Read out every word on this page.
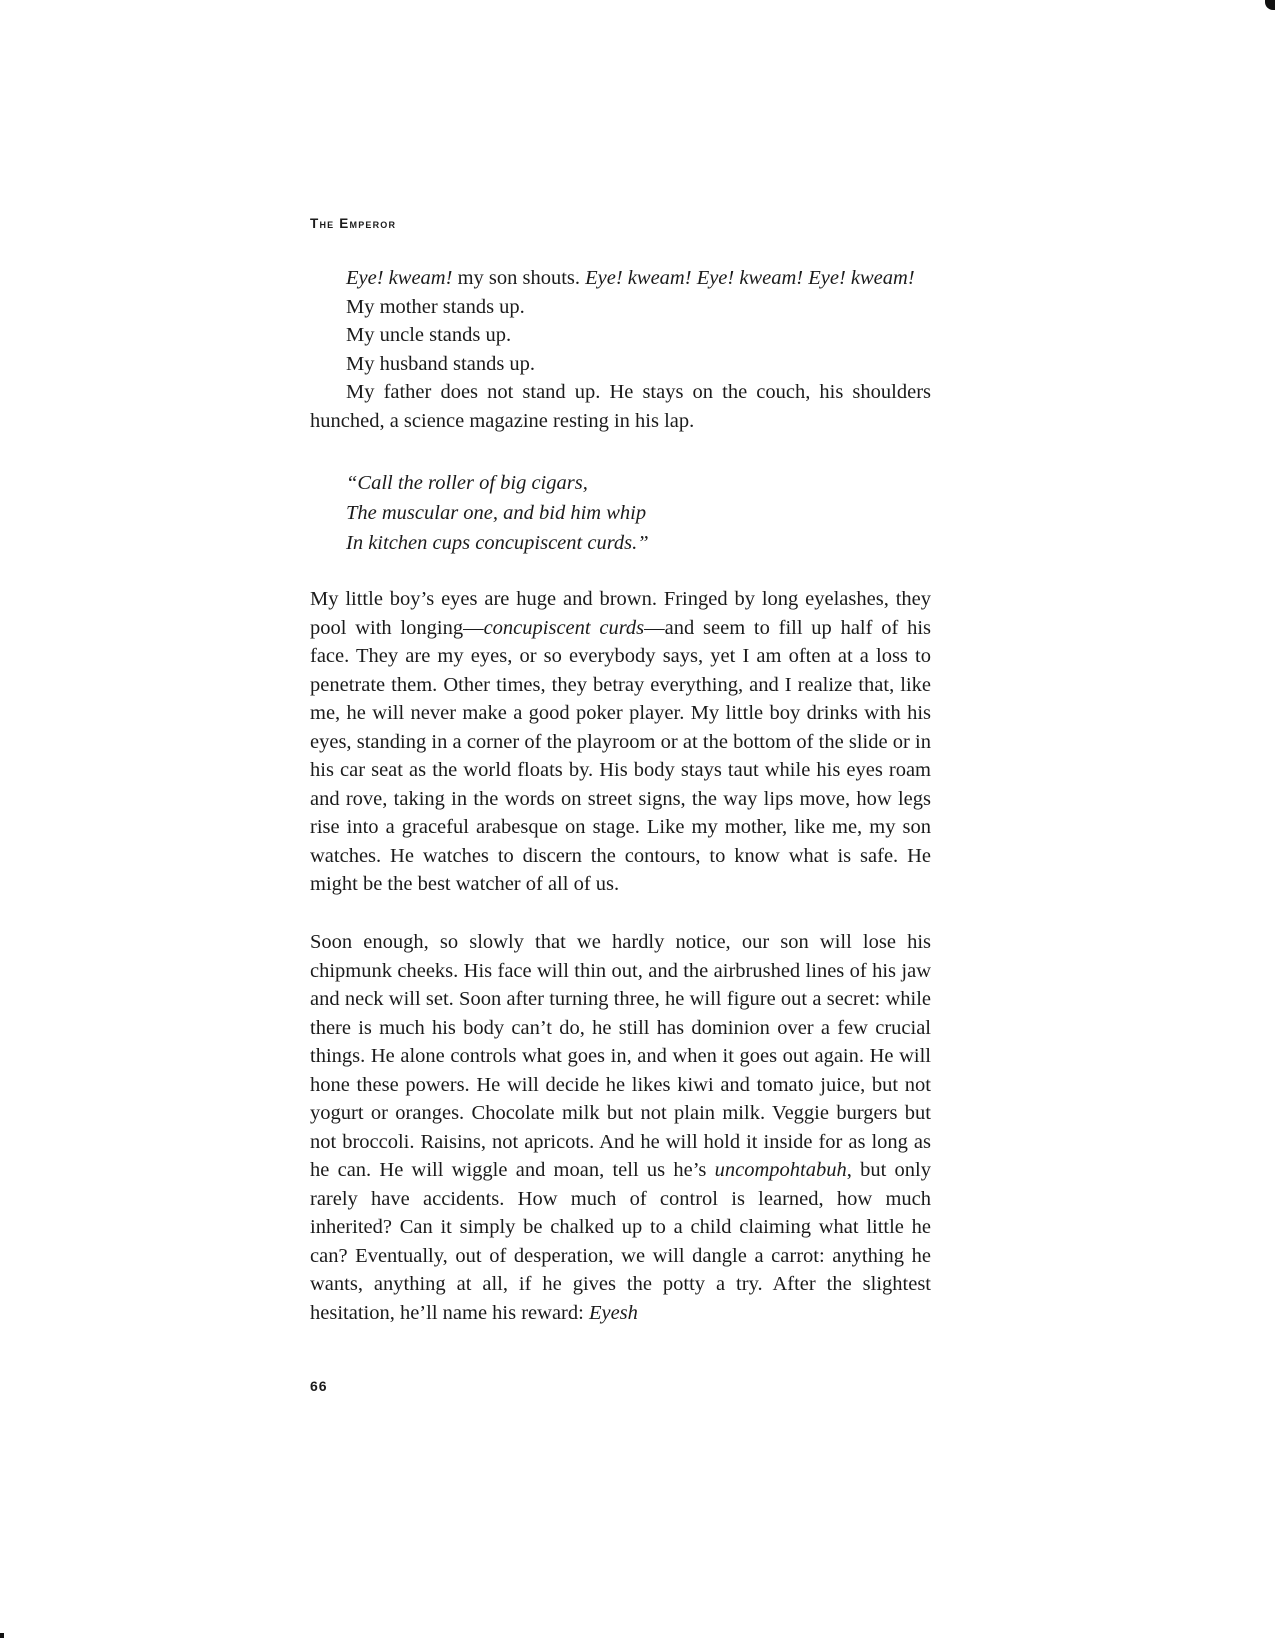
The Emperor

Eye! kweam! my son shouts. Eye! kweam! Eye! kweam! Eye! kweam!

My mother stands up.

My uncle stands up.

My husband stands up.

My father does not stand up. He stays on the couch, his shoulders hunched, a science magazine resting in his lap.

“Call the roller of big cigars,
The muscular one, and bid him whip
In kitchen cups concupiscent curds.”

My little boy’s eyes are huge and brown. Fringed by long eyelashes, they pool with longing—concupiscent curds—and seem to fill up half of his face. They are my eyes, or so everybody says, yet I am often at a loss to penetrate them. Other times, they betray everything, and I realize that, like me, he will never make a good poker player. My little boy drinks with his eyes, standing in a corner of the playroom or at the bottom of the slide or in his car seat as the world floats by. His body stays taut while his eyes roam and rove, taking in the words on street signs, the way lips move, how legs rise into a graceful arabesque on stage. Like my mother, like me, my son watches. He watches to discern the contours, to know what is safe. He might be the best watcher of all of us.

Soon enough, so slowly that we hardly notice, our son will lose his chipmunk cheeks. His face will thin out, and the airbrushed lines of his jaw and neck will set. Soon after turning three, he will figure out a secret: while there is much his body can’t do, he still has dominion over a few crucial things. He alone controls what goes in, and when it goes out again. He will hone these powers. He will decide he likes kiwi and tomato juice, but not yogurt or oranges. Chocolate milk but not plain milk. Veggie burgers but not broccoli. Raisins, not apricots. And he will hold it inside for as long as he can. He will wiggle and moan, tell us he’s uncompohtabuh, but only rarely have accidents. How much of control is learned, how much inherited? Can it simply be chalked up to a child claiming what little he can? Eventually, out of desperation, we will dangle a carrot: anything he wants, anything at all, if he gives the potty a try. After the slightest hesitation, he’ll name his reward: Eyesh

66
